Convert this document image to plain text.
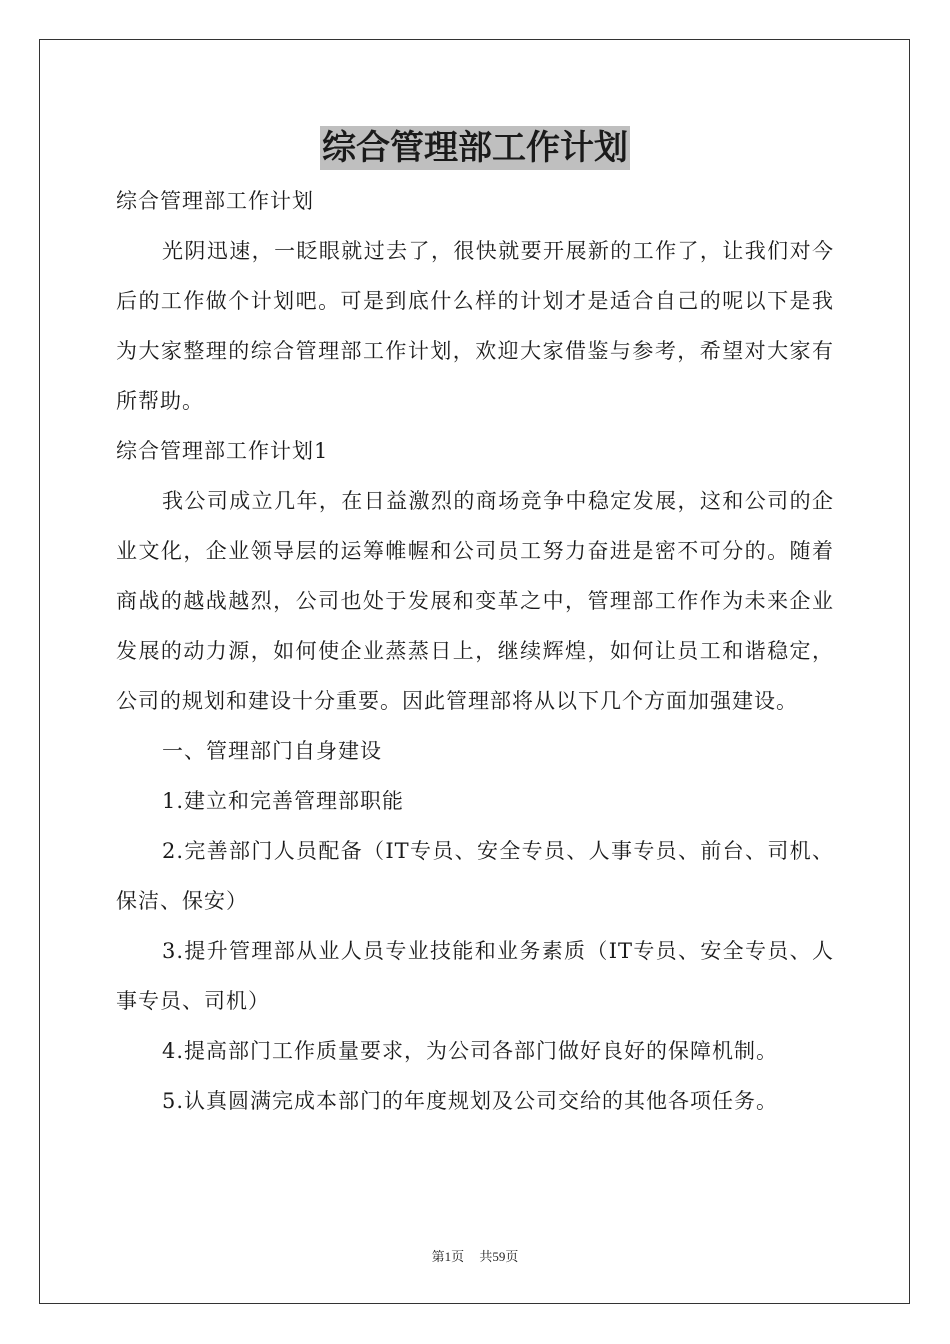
综合管理部工作计划

综合管理部工作计划

光阴迅速，一眨眼就过去了，很快就要开展新的工作了，让我们对今后的工作做个计划吧。可是到底什么样的计划才是适合自己的呢以下是我为大家整理的综合管理部工作计划，欢迎大家借鉴与参考，希望对大家有所帮助。

综合管理部工作计划1

我公司成立几年，在日益激烈的商场竞争中稳定发展，这和公司的企业文化，企业领导层的运筹帷幄和公司员工努力奋进是密不可分的。随着商战的越战越烈，公司也处于发展和变革之中，管理部工作作为未来企业发展的动力源，如何使企业蒸蒸日上，继续辉煌，如何让员工和谐稳定，公司的规划和建设十分重要。因此管理部将从以下几个方面加强建设。

一、管理部门自身建设

1.建立和完善管理部职能

2.完善部门人员配备（IT专员、安全专员、人事专员、前台、司机、保洁、保安）

3.提升管理部从业人员专业技能和业务素质（IT专员、安全专员、人事专员、司机）

4.提高部门工作质量要求，为公司各部门做好良好的保障机制。

5.认真圆满完成本部门的年度规划及公司交给的其他各项任务。

第1页 共59页
